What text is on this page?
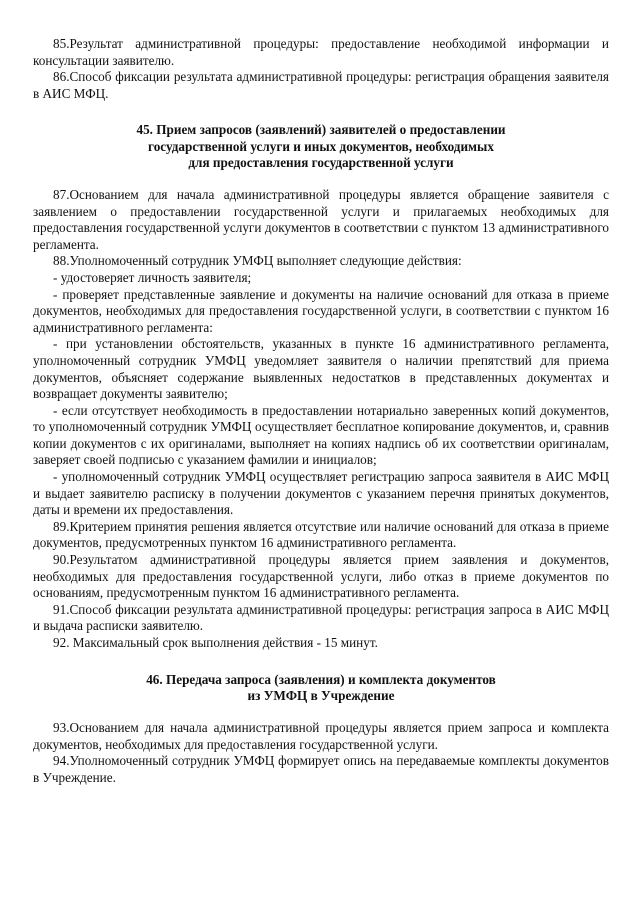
85.Результат административной процедуры: предоставление необходимой информации и консультации заявителю.

86.Способ фиксации результата административной процедуры: регистрация обращения заявителя в АИС МФЦ.

45. Прием запросов (заявлений) заявителей о предоставлении
государственной услуги и иных документов, необходимых
для предоставления государственной услуги

87.Основанием для начала административной процедуры является обращение заявителя с заявлением о предоставлении государственной услуги и прилагаемых необходимых для предоставления государственной услуги документов в соответствии с пунктом 13 административного регламента.

88.Уполномоченный сотрудник УМФЦ выполняет следующие действия:

- удостоверяет личность заявителя;

- проверяет представленные заявление и документы на наличие оснований для отказа в приеме документов, необходимых для предоставления государственной услуги, в соответствии с пунктом 16 административного регламента:

- при установлении обстоятельств, указанных в пункте 16 административного регламента, уполномоченный сотрудник УМФЦ уведомляет заявителя о наличии препятствий для приема документов, объясняет содержание выявленных недостатков в представленных документах и возвращает документы заявителю;

- если отсутствует необходимость в предоставлении нотариально заверенных копий документов, то уполномоченный сотрудник УМФЦ осуществляет бесплатное копирование документов, и, сравнив копии документов с их оригиналами, выполняет на копиях надпись об их соответствии оригиналам, заверяет своей подписью с указанием фамилии и инициалов;

- уполномоченный сотрудник УМФЦ осуществляет регистрацию запроса заявителя в АИС МФЦ и выдает заявителю расписку в получении документов с указанием перечня принятых документов, даты и времени их предоставления.

89.Критерием принятия решения является отсутствие или наличие оснований для отказа в приеме документов, предусмотренных пунктом 16 административного регламента.

90.Результатом административной процедуры является прием заявления и документов, необходимых для предоставления государственной услуги, либо отказ в приеме документов по основаниям, предусмотренным пунктом 16 административного регламента.

91.Способ фиксации результата административной процедуры: регистрация запроса в АИС МФЦ и выдача расписки заявителю.

92. Максимальный срок выполнения действия - 15 минут.

46. Передача запроса (заявления) и комплекта документов
из УМФЦ в Учреждение

93.Основанием для начала административной процедуры является прием запроса и комплекта документов, необходимых для предоставления государственной услуги.

94.Уполномоченный сотрудник УМФЦ формирует опись на передаваемые комплекты документов в Учреждение.
